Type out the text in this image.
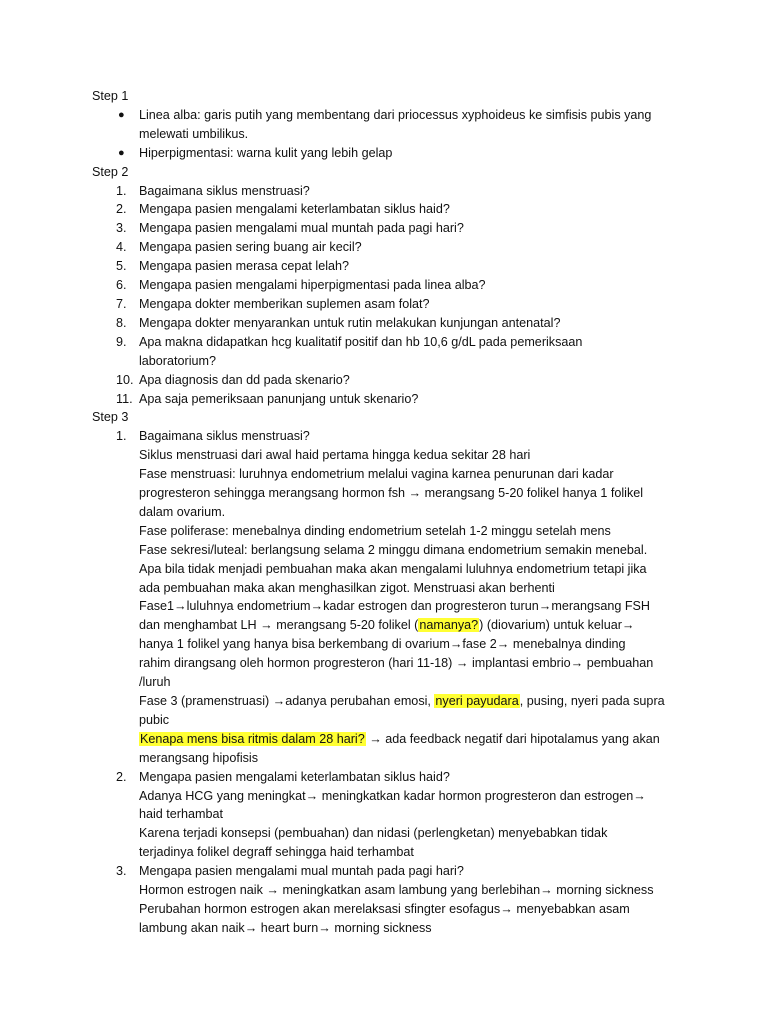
Step 1
● Linea alba: garis putih yang membentang dari priocessus xyphoideus ke simfisis pubis yang
melewati umbilikus.
● Hiperpigmentasi: warna kulit yang lebih gelap
Step 2
1. Bagaimana siklus menstruasi?
2. Mengapa pasien mengalami keterlambatan siklus haid?
3. Mengapa pasien mengalami mual muntah pada pagi hari?
4. Mengapa pasien sering buang air kecil?
5. Mengapa pasien merasa cepat lelah?
6. Mengapa pasien mengalami hiperpigmentasi pada linea alba?
7. Mengapa dokter memberikan suplemen asam folat?
8. Mengapa dokter menyarankan untuk rutin melakukan kunjungan antenatal?
9. Apa makna didapatkan hcg kualitatif positif dan hb 10,6 g/dL pada pemeriksaan
laboratorium?
10. Apa diagnosis dan dd pada skenario?
11. Apa saja pemeriksaan panunjang untuk skenario?
Step 3
1. Bagaimana siklus menstruasi?
Siklus menstruasi dari awal haid pertama hingga kedua sekitar 28 hari
Fase menstruasi: luruhnya endometrium melalui vagina karnea penurunan dari kadar
progresteron sehingga merangsang hormon fsh → merangsang 5-20 folikel hanya 1 folikel
dalam ovarium.
Fase poliferase: menebalnya dinding endometrium setelah 1-2 minggu setelah mens
Fase sekresi/luteal: berlangsung selama 2 minggu dimana endometrium semakin menebal.
Apa bila tidak menjadi pembuahan maka akan mengalami luluhnya endometrium tetapi jika
ada pembuahan maka akan menghasilkan zigot. Menstruasi akan berhenti
Fase1→luluhnya endometrium→kadar estrogen dan progresteron turun→merangsang FSH
dan menghambat LH → merangsang 5-20 folikel (namanya?) (diovarium) untuk keluar→
hanya 1 folikel yang hanya bisa berkembang di ovarium→fase 2→ menebalnya dinding
rahim dirangsang oleh hormon progresteron (hari 11-18) → implantasi embrio→ pembuahan
/luruh
Fase 3 (pramenstruasi) →adanya perubahan emosi, nyeri payudara, pusing, nyeri pada supra
pubic
Kenapa mens bisa ritmis dalam 28 hari? → ada feedback negatif dari hipotalamus yang akan
merangsang hipofisis
2. Mengapa pasien mengalami keterlambatan siklus haid?
Adanya HCG yang meningkat→ meningkatkan kadar hormon progresteron dan estrogen→
haid terhambat
Karena terjadi konsepsi (pembuahan) dan nidasi (perlengketan) menyebabkan tidak
terjadinya folikel degraff sehingga haid terhambat
3. Mengapa pasien mengalami mual muntah pada pagi hari?
Hormon estrogen naik → meningkatkan asam lambung yang berlebihan→ morning sickness
Perubahan hormon estrogen akan merelaksasi sfingter esofagus→ menyebabkan asam
lambung akan naik→ heart burn→ morning sickness
